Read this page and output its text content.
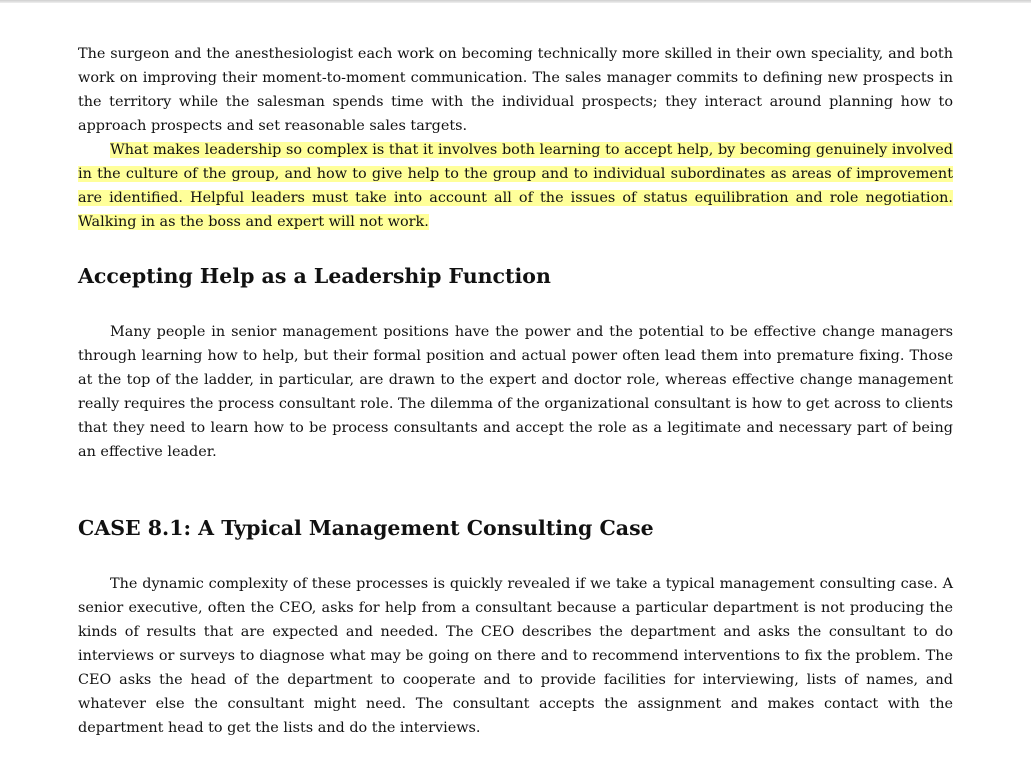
The surgeon and the anesthesiologist each work on becoming technically more skilled in their own speciality, and both work on improving their moment-to-moment communication. The sales manager commits to defining new prospects in the territory while the salesman spends time with the individual prospects; they interact around planning how to approach prospects and set reasonable sales targets.

What makes leadership so complex is that it involves both learning to accept help, by becoming genuinely involved in the culture of the group, and how to give help to the group and to individual subordinates as areas of improvement are identified. Helpful leaders must take into account all of the issues of status equilibration and role negotiation. Walking in as the boss and expert will not work.

Accepting Help as a Leadership Function

Many people in senior management positions have the power and the potential to be effective change managers through learning how to help, but their formal position and actual power often lead them into premature fixing. Those at the top of the ladder, in particular, are drawn to the expert and doctor role, whereas effective change management really requires the process consultant role. The dilemma of the organizational consultant is how to get across to clients that they need to learn how to be process consultants and accept the role as a legitimate and necessary part of being an effective leader.

CASE 8.1: A Typical Management Consulting Case

The dynamic complexity of these processes is quickly revealed if we take a typical management consulting case. A senior executive, often the CEO, asks for help from a consultant because a particular department is not producing the kinds of results that are expected and needed. The CEO describes the department and asks the consultant to do interviews or surveys to diagnose what may be going on there and to recommend interventions to fix the problem. The CEO asks the head of the department to cooperate and to provide facilities for interviewing, lists of names, and whatever else the consultant might need. The consultant accepts the assignment and makes contact with the department head to get the lists and do the interviews.
